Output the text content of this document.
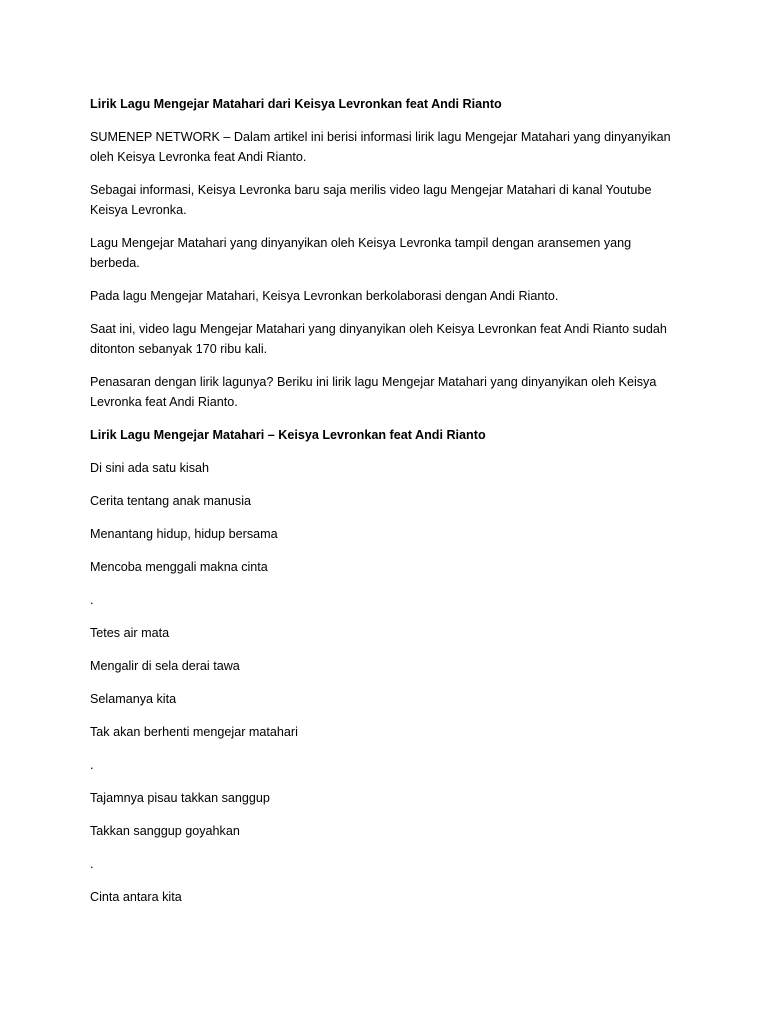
Lirik Lagu Mengejar Matahari dari Keisya Levronkan feat Andi Rianto

SUMENEP NETWORK – Dalam artikel ini berisi informasi lirik lagu Mengejar Matahari yang dinyanyikan oleh Keisya Levronka feat Andi Rianto.

Sebagai informasi, Keisya Levronka baru saja merilis video lagu Mengejar Matahari di kanal Youtube Keisya Levronka.

Lagu Mengejar Matahari yang dinyanyikan oleh Keisya Levronka tampil dengan aransemen yang berbeda.

Pada lagu Mengejar Matahari, Keisya Levronkan berkolaborasi dengan Andi Rianto.

Saat ini, video lagu Mengejar Matahari yang dinyanyikan oleh Keisya Levronkan feat Andi Rianto sudah ditonton sebanyak 170 ribu kali.

Penasaran dengan lirik lagunya? Beriku ini lirik lagu Mengejar Matahari yang dinyanyikan oleh Keisya Levronka feat Andi Rianto.

Lirik Lagu Mengejar Matahari – Keisya Levronkan feat Andi Rianto

Di sini ada satu kisah

Cerita tentang anak manusia

Menantang hidup, hidup bersama

Mencoba menggali makna cinta

.

Tetes air mata

Mengalir di sela derai tawa

Selamanya kita

Tak akan berhenti mengejar matahari

.

Tajamnya pisau takkan sanggup

Takkan sanggup goyahkan

.

Cinta antara kita
